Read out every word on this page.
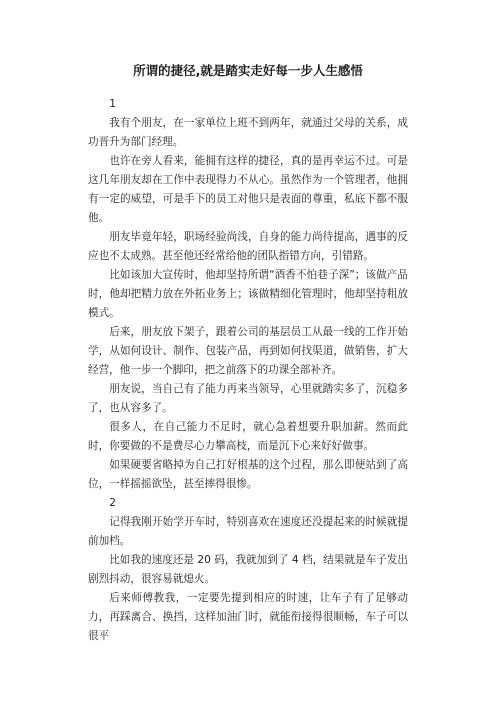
所谓的捷径,就是踏实走好每一步人生感悟

1

我有个朋友，在一家单位上班不到两年，就通过父母的关系，成功晋升为部门经理。

也许在旁人看来，能拥有这样的捷径，真的是再幸运不过。可是这几年朋友却在工作中表现得力不从心。虽然作为一个管理者，他拥有一定的威望，可是手下的员工对他只是表面的尊重，私底下都不服他。

朋友毕竟年轻，职场经验尚浅，自身的能力尚待提高，遇事的反应也不太成熟。甚至他还经常给他的团队指错方向，引错路。

比如该加大宣传时，他却坚持所谓“酒香不怕巷子深”；该做产品时，他却把精力放在外拓业务上；该做精细化管理时，他却坚持粗放模式。

后来，朋友放下架子，跟着公司的基层员工从最一线的工作开始学，从如何设计、制作、包装产品，再到如何找渠道，做销售，扩大经营，他一步一个脚印，把之前落下的功课全部补齐。

朋友说，当自己有了能力再来当领导，心里就踏实多了，沉稳多了，也从容多了。

很多人，在自己能力不足时，就心急着想要升职加薪。然而此时，你要做的不是费尽心力攀高枝，而是沉下心来好好做事。

如果硬要省略掉为自己打好根基的这个过程，那么即便站到了高位，一样摇摇欲坠，甚至摔得很惨。

2

记得我刚开始学开车时，特别喜欢在速度还没提起来的时候就提前加档。

比如我的速度还是 20 码，我就加到了 4 档，结果就是车子发出剧烈抖动，很容易就熄火。

后来师傅教我，一定要先提到相应的时速，让车子有了足够动力，再踩离合、换挡，这样加油门时，就能衔接得很顺畅，车子可以很平
